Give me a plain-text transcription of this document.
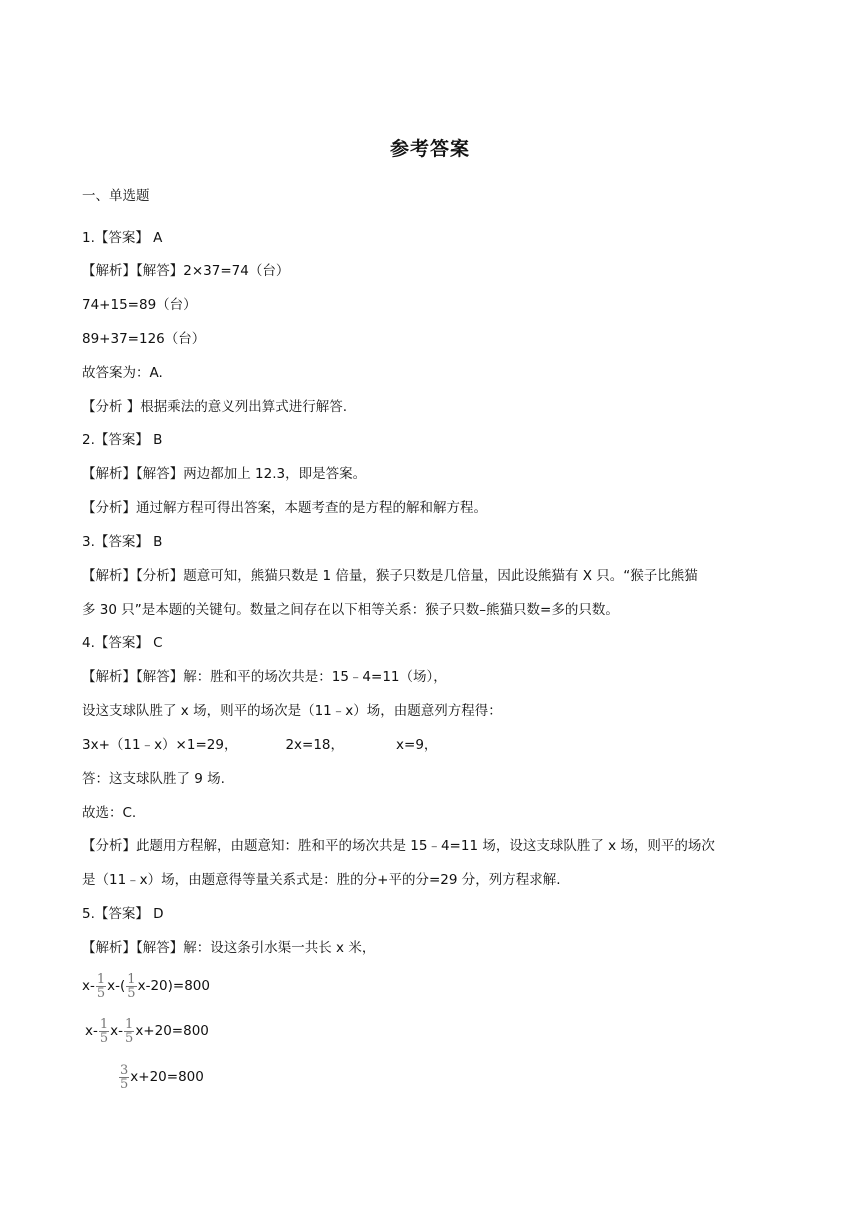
参考答案
一、单选题
1.【答案】 A
【解析】【解答】2×37=74（台）
74+15=89（台）
89+37=126（台）
故答案为：A.
【分析 】根据乘法的意义列出算式进行解答.
2.【答案】 B
【解析】【解答】两边都加上 12.3，即是答案。
【分析】通过解方程可得出答案，本题考查的是方程的解和解方程。
3.【答案】 B
【解析】【分析】题意可知，熊猫只数是 1 倍量，猴子只数是几倍量，因此设熊猫有 X 只。“猴子比熊猫
多 30 只”是本题的关键句。数量之间存在以下相等关系：猴子只数–熊猫只数=多的只数。
4.【答案】 C
【解析】【解答】解：胜和平的场次共是：15﹣4=11（场），
设这支球队胜了 x 场，则平的场次是（11﹣x）场，由题意列方程得：
3x+（11﹣x）×1=29，	2x=18，	x=9，
答：这支球队胜了 9 场.
故选：C.
【分析】此题用方程解，由题意知：胜和平的场次共是 15﹣4=11 场，设这支球队胜了 x 场，则平的场次
是（11﹣x）场，由题意得等量关系式是：胜的分+平的分=29 分，列方程求解.
5.【答案】 D
【解析】【解答】解：设这条引水渠一共长 x 米，
$x- \frac{1}{5} x-( \frac{1}{5} x-20)=800$
$x- \frac{1}{5} x- \frac{1}{5} x+20=800$
$\frac{3}{5} x+20=800$
